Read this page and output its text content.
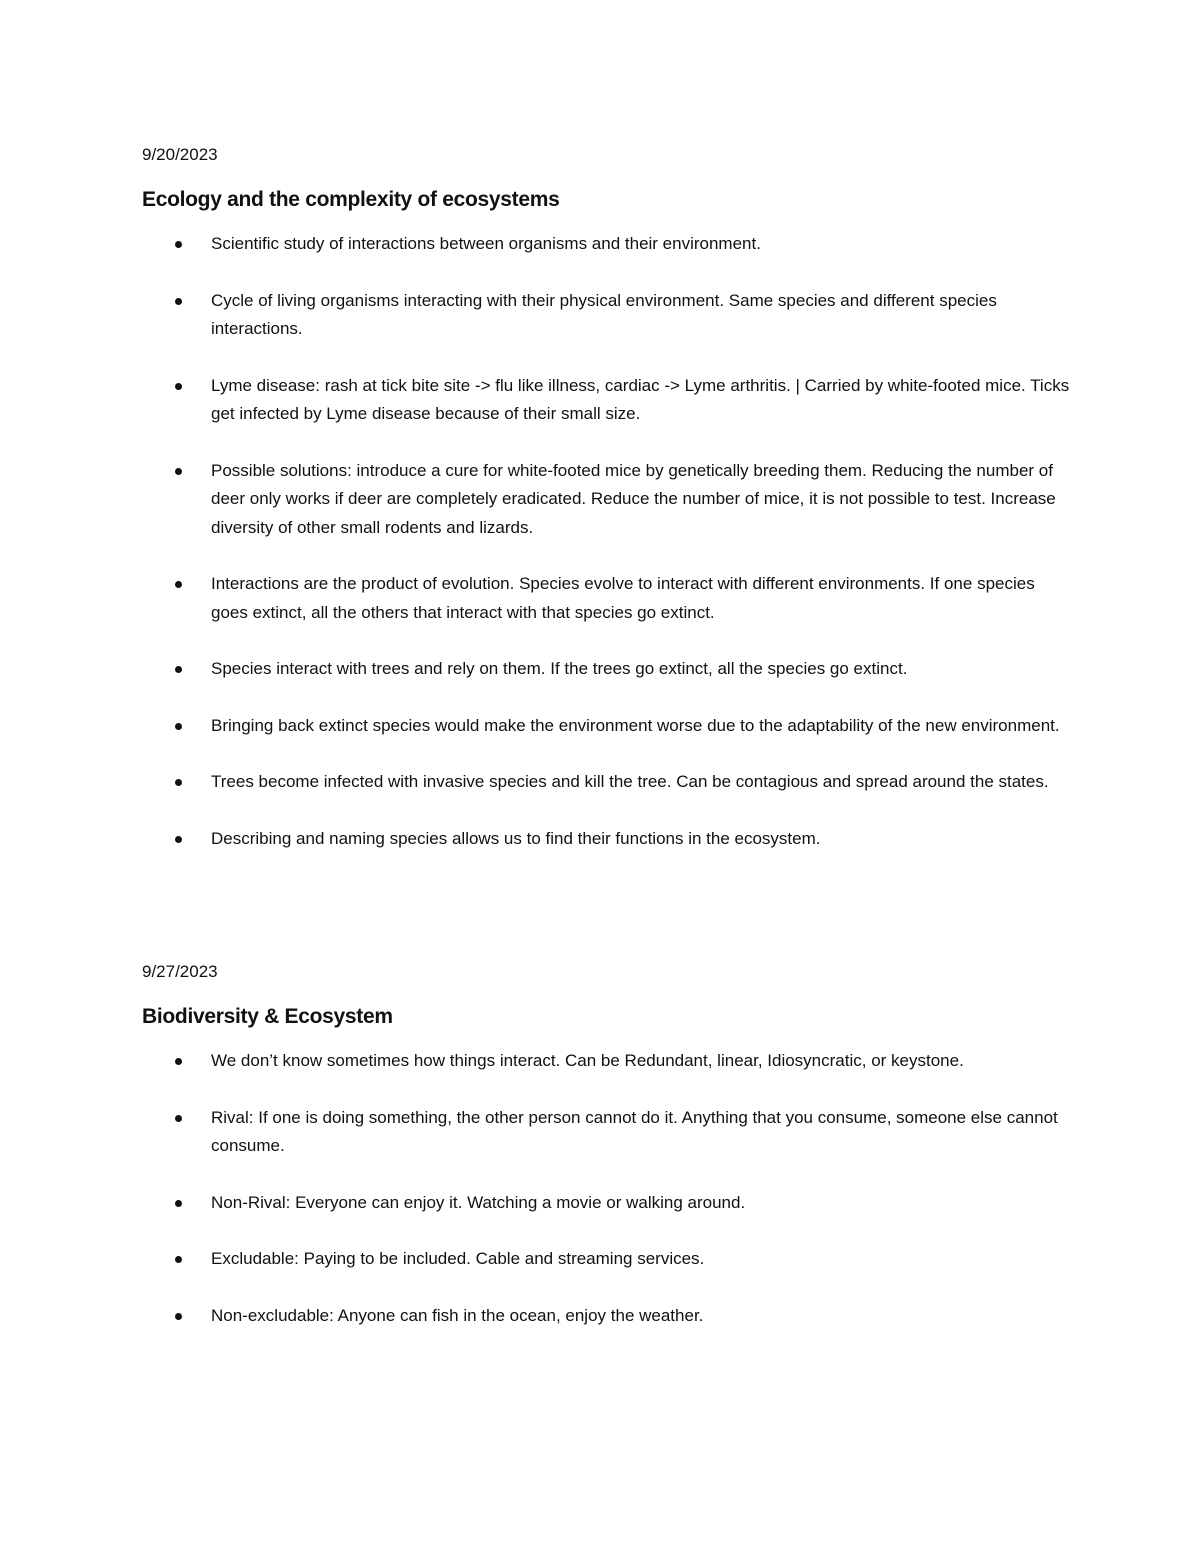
9/20/2023
Ecology and the complexity of ecosystems
Scientific study of interactions between organisms and their environment.
Cycle of living organisms interacting with their physical environment. Same species and different species interactions.
Lyme disease: rash at tick bite site -> flu like illness, cardiac -> Lyme arthritis. | Carried by white-footed mice. Ticks get infected by Lyme disease because of their small size.
Possible solutions: introduce a cure for white-footed mice by genetically breeding them. Reducing the number of deer only works if deer are completely eradicated. Reduce the number of mice, it is not possible to test. Increase diversity of other small rodents and lizards.
Interactions are the product of evolution. Species evolve to interact with different environments. If one species goes extinct, all the others that interact with that species go extinct.
Species interact with trees and rely on them. If the trees go extinct, all the species go extinct.
Bringing back extinct species would make the environment worse due to the adaptability of the new environment.
Trees become infected with invasive species and kill the tree. Can be contagious and spread around the states.
Describing and naming species allows us to find their functions in the ecosystem.
9/27/2023
Biodiversity & Ecosystem
We don’t know sometimes how things interact. Can be Redundant, linear, Idiosyncratic, or keystone.
Rival: If one is doing something, the other person cannot do it. Anything that you consume, someone else cannot consume.
Non-Rival: Everyone can enjoy it. Watching a movie or walking around.
Excludable: Paying to be included. Cable and streaming services.
Non-excludable: Anyone can fish in the ocean, enjoy the weather.
